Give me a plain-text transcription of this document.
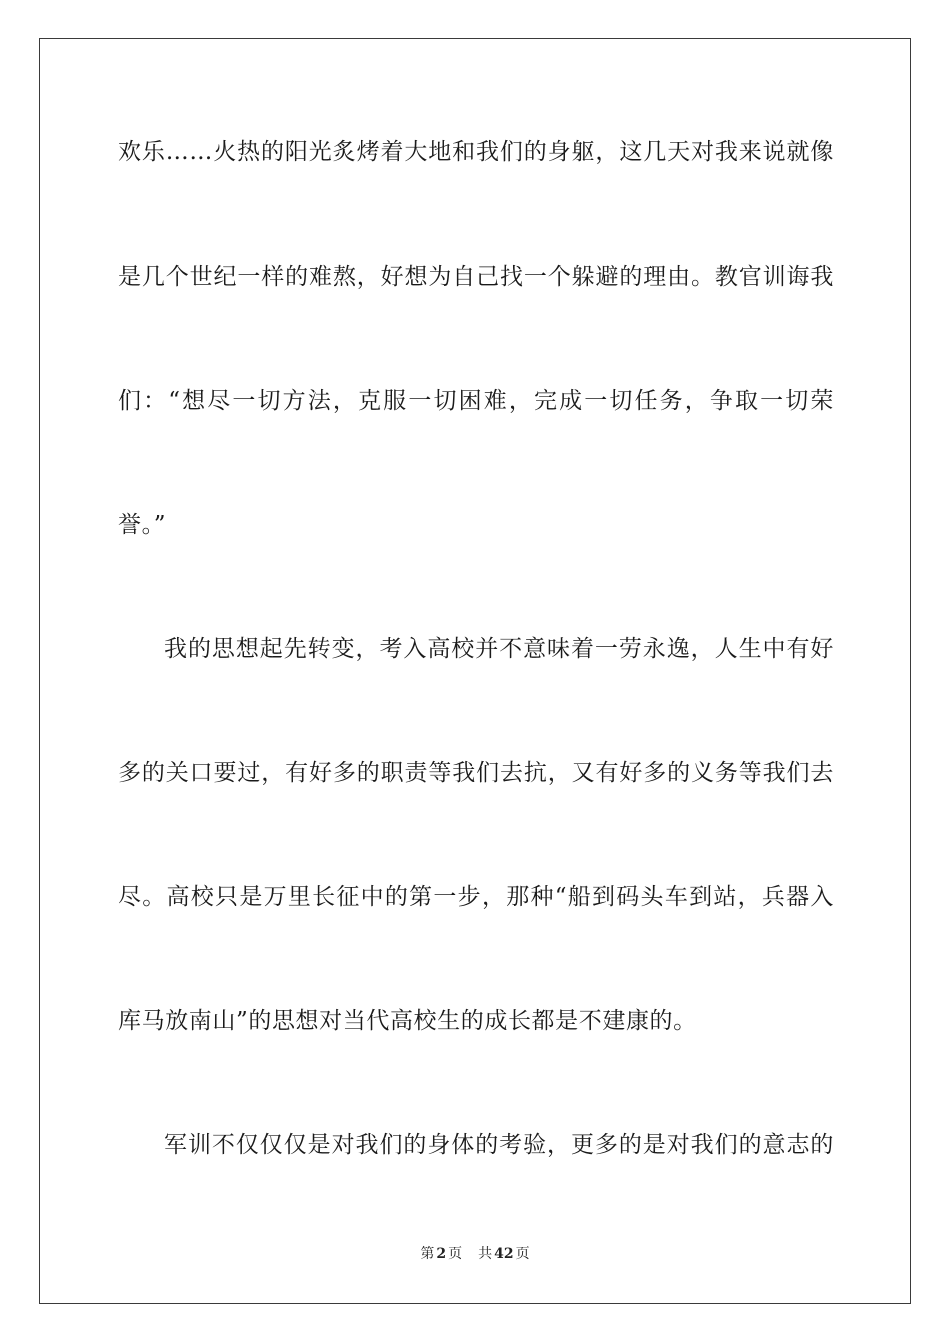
欢乐……火热的阳光炙烤着大地和我们的身躯，这几天对我来说就像
是几个世纪一样的难熬，好想为自己找一个躲避的理由。教官训诲我
们：“想尽一切方法，克服一切困难，完成一切任务，争取一切荣
誉。”
我的思想起先转变，考入高校并不意味着一劳永逸，人生中有好
多的关口要过，有好多的职责等我们去抗，又有好多的义务等我们去
尽。高校只是万里长征中的第一步，那种“船到码头车到站，兵器入
库马放南山”的思想对当代高校生的成长都是不建康的。
军训不仅仅仅是对我们的身体的考验，更多的是对我们的意志的
第 2 页 共 42 页
